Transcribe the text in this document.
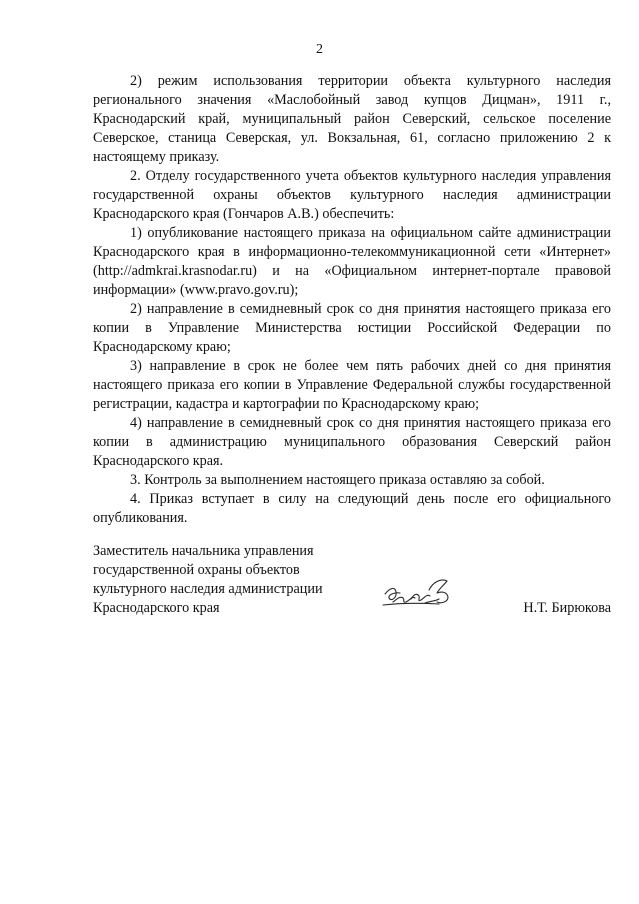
2

2) режим использования территории объекта культурного наследия регионального значения «Маслобойный завод купцов Дицман», 1911 г., Краснодарский край, муниципальный район Северский, сельское поселение Северское, станица Северская, ул. Вокзальная, 61, согласно приложению 2 к настоящему приказу.

2. Отделу государственного учета объектов культурного наследия управления государственной охраны объектов культурного наследия администрации Краснодарского края (Гончаров А.В.) обеспечить:

1) опубликование настоящего приказа на официальном сайте администрации Краснодарского края в информационно-телекоммуникационной сети «Интернет» (http://admkrai.krasnodar.ru) и на «Официальном интернет-портале правовой информации» (www.pravo.gov.ru);

2) направление в семидневный срок со дня принятия настоящего приказа его копии в Управление Министерства юстиции Российской Федерации по Краснодарскому краю;

3) направление в срок не более чем пять рабочих дней со дня принятия настоящего приказа его копии в Управление Федеральной службы государственной регистрации, кадастра и картографии по Краснодарскому краю;

4) направление в семидневный срок со дня принятия настоящего приказа его копии в администрацию муниципального образования Северский район Краснодарского края.

3. Контроль за выполнением настоящего приказа оставляю за собой.

4. Приказ вступает в силу на следующий день после его официального опубликования.

Заместитель начальника управления
государственной охраны объектов
культурного наследия администрации
Краснодарского края	Н.Т. Бирюкова
